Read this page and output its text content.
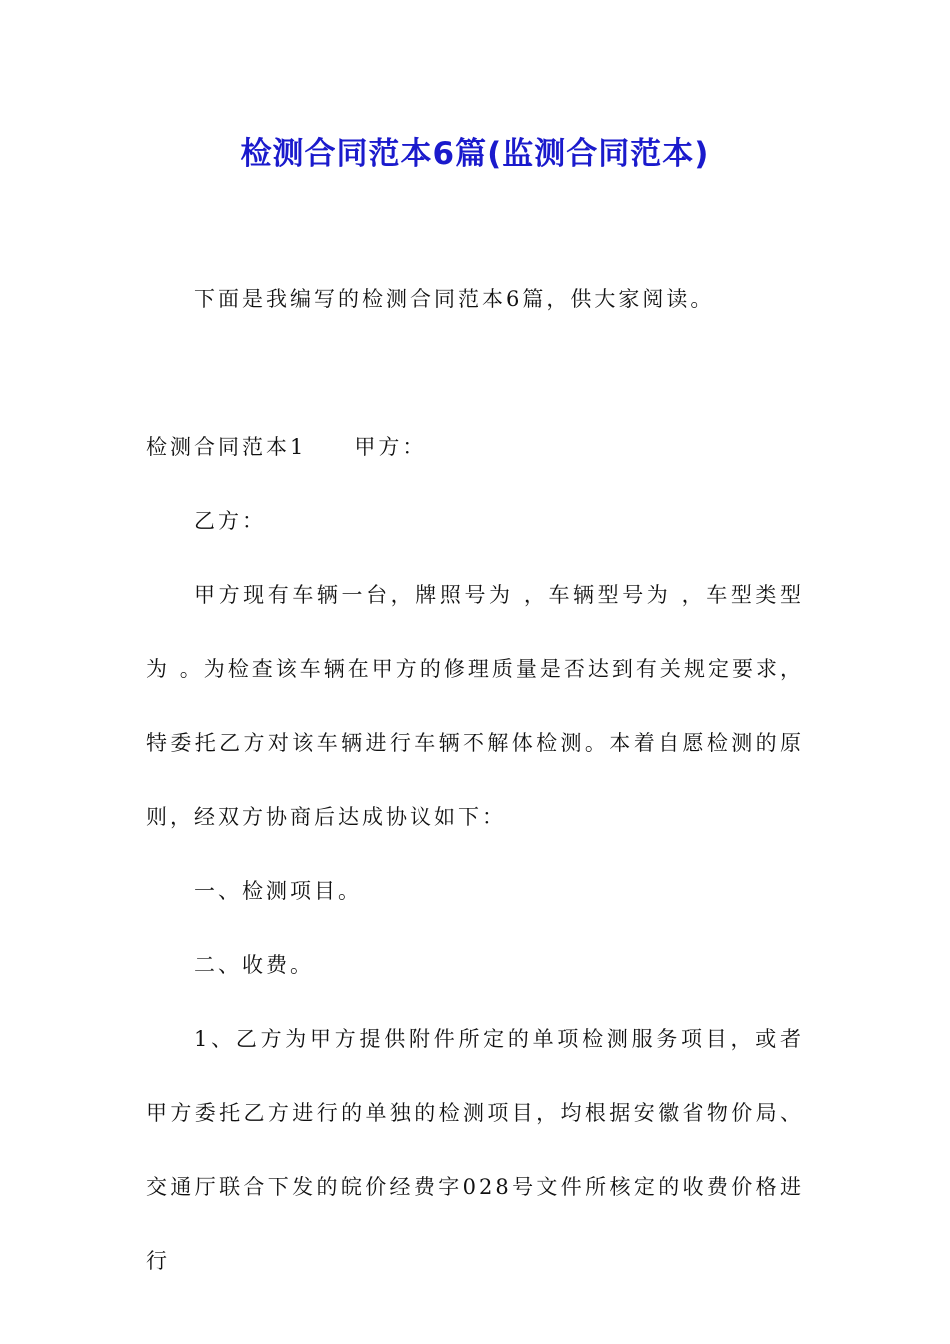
检测合同范本6篇(监测合同范本)

下面是我编写的检测合同范本6篇，供大家阅读。

检测合同范本1 甲方：

乙方：

甲方现有车辆一台，牌照号为 ，车辆型号为 ，车型类型为 。为检查该车辆在甲方的修理质量是否达到有关规定要求，特委托乙方对该车辆进行车辆不解体检测。本着自愿检测的原则，经双方协商后达成协议如下：

一、检测项目。

二、收费。

1、乙方为甲方提供附件所定的单项检测服务项目，或者甲方委托乙方进行的单独的检测项目，均根据安徽省物价局、交通厅联合下发的皖价经费字028号文件所核定的收费价格进行
